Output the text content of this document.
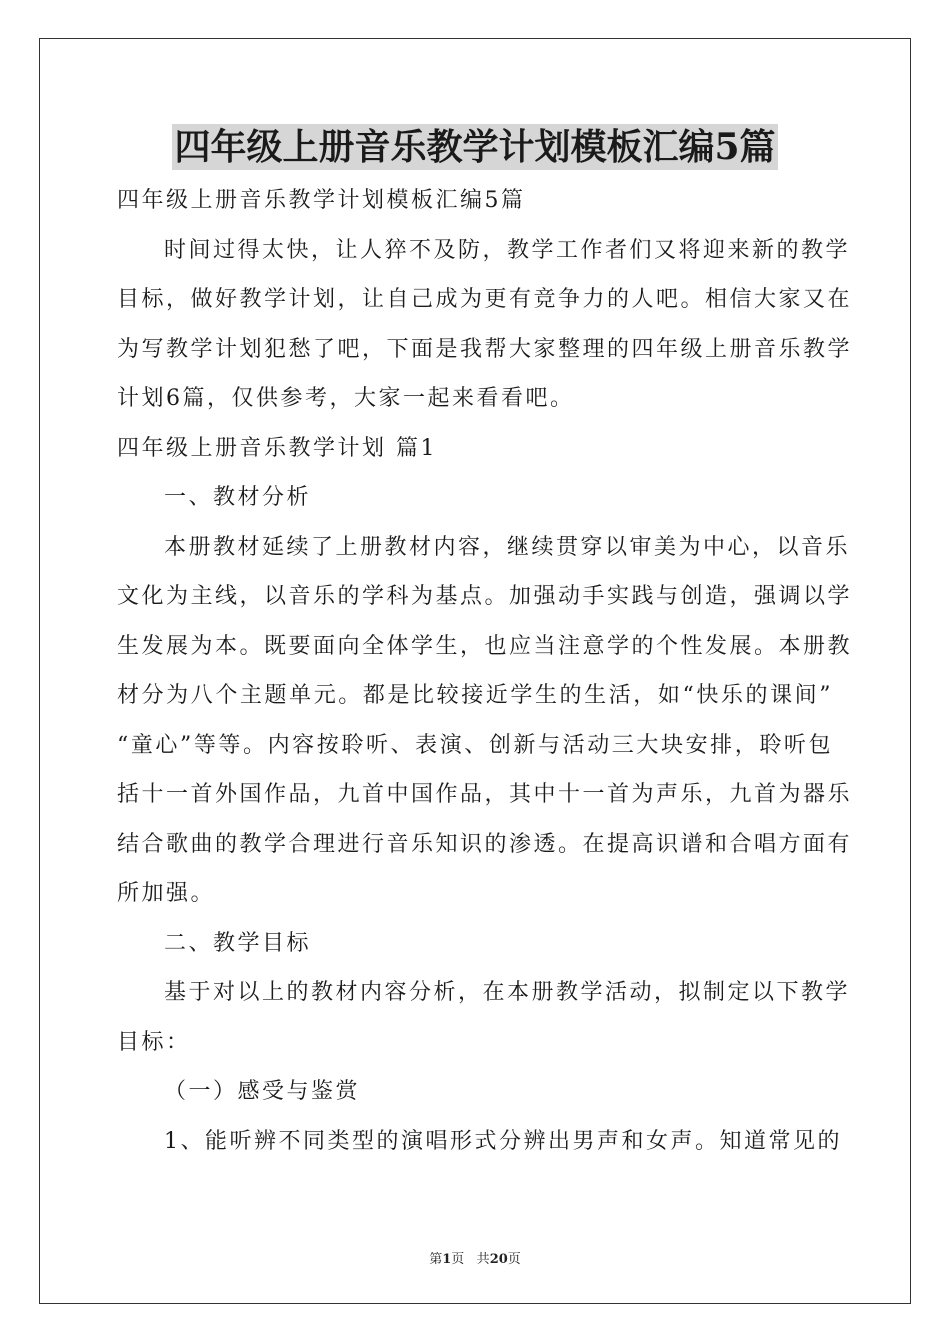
四年级上册音乐教学计划模板汇编5篇
四年级上册音乐教学计划模板汇编5篇
时间过得太快，让人猝不及防，教学工作者们又将迎来新的教学
目标，做好教学计划，让自己成为更有竞争力的人吧。相信大家又在
为写教学计划犯愁了吧，下面是我帮大家整理的四年级上册音乐教学
计划6篇，仅供参考，大家一起来看看吧。
四年级上册音乐教学计划 篇1
一、教材分析
本册教材延续了上册教材内容，继续贯穿以审美为中心，以音乐
文化为主线，以音乐的学科为基点。加强动手实践与创造，强调以学
生发展为本。既要面向全体学生，也应当注意学的个性发展。本册教
材分为八个主题单元。都是比较接近学生的生活，如“快乐的课间”
“童心”等等。内容按聆听、表演、创新与活动三大块安排，聆听包
括十一首外国作品，九首中国作品，其中十一首为声乐，九首为器乐
结合歌曲的教学合理进行音乐知识的渗透。在提高识谱和合唱方面有
所加强。
二、教学目标
基于对以上的教材内容分析，在本册教学活动，拟制定以下教学
目标：
（一）感受与鉴赏
1、能听辨不同类型的演唱形式分辨出男声和女声。知道常见的
第1页 共20页
